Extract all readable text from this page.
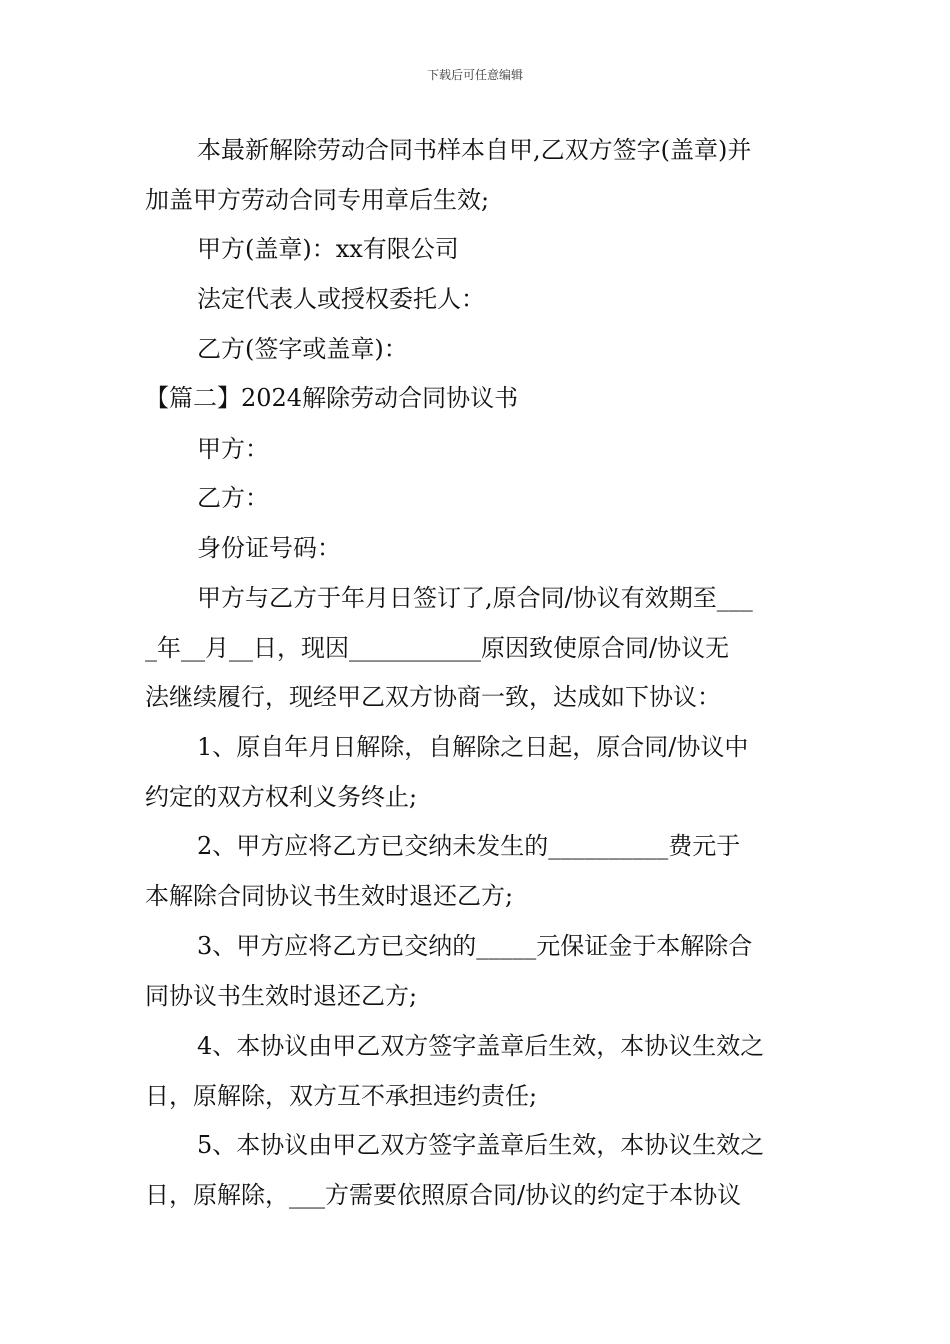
下载后可任意编辑
本最新解除劳动合同书样本自甲,乙双方签字(盖章)并
加盖甲方劳动合同专用章后生效;
甲方(盖章)：xx有限公司
法定代表人或授权委托人：
乙方(签字或盖章)：
【篇二】2024解除劳动合同协议书
甲方：
乙方：
身份证号码：
甲方与乙方于年月日签订了,原合同/协议有效期至___
_年__月__日，现因___________原因致使原合同/协议无
法继续履行，现经甲乙双方协商一致，达成如下协议：
1、原自年月日解除，自解除之日起，原合同/协议中
约定的双方权利义务终止;
2、甲方应将乙方已交纳未发生的__________费元于
本解除合同协议书生效时退还乙方;
3、甲方应将乙方已交纳的_____元保证金于本解除合
同协议书生效时退还乙方;
4、本协议由甲乙双方签字盖章后生效，本协议生效之
日，原解除，双方互不承担违约责任;
5、本协议由甲乙双方签字盖章后生效，本协议生效之
日，原解除，___方需要依照原合同/协议的约定于本协议
